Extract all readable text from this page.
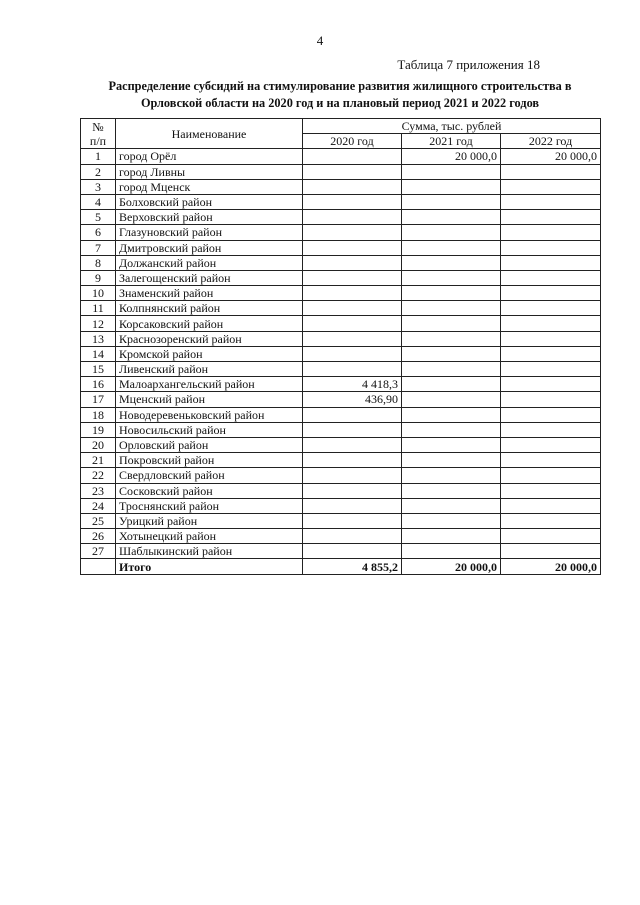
4
Таблица 7 приложения 18
Распределение субсидий на стимулирование развития жилищного строительства в
Орловской области на 2020 год и на плановый период 2021 и 2022 годов
№
п/п	Наименование	Сумма, тыс. рублей		
		2020 год	2021 год	2022 год
1	город Орёл		20 000,0	20 000,0
2	город Ливны			
3	город Мценск			
4	Болховский район			
5	Верховский район			
6	Глазуновский район			
7	Дмитровский район			
8	Должанский район			
9	Залегощенский район			
10	Знаменский район			
11	Колпнянский район			
12	Корсаковский район			
13	Краснозоренский район			
14	Кромской район			
15	Ливенский район			
16	Малоархангельский район	4 418,3		
17	Мценский район	436,90		
18	Новодеревеньковский район			
19	Новосильский район			
20	Орловский район			
21	Покровский район			
22	Свердловский район			
23	Сосковский район			
24	Троснянский район			
25	Урицкий район			
26	Хотынецкий район			
27	Шаблыкинский район			
	Итого	4 855,2	20 000,0	20 000,0
